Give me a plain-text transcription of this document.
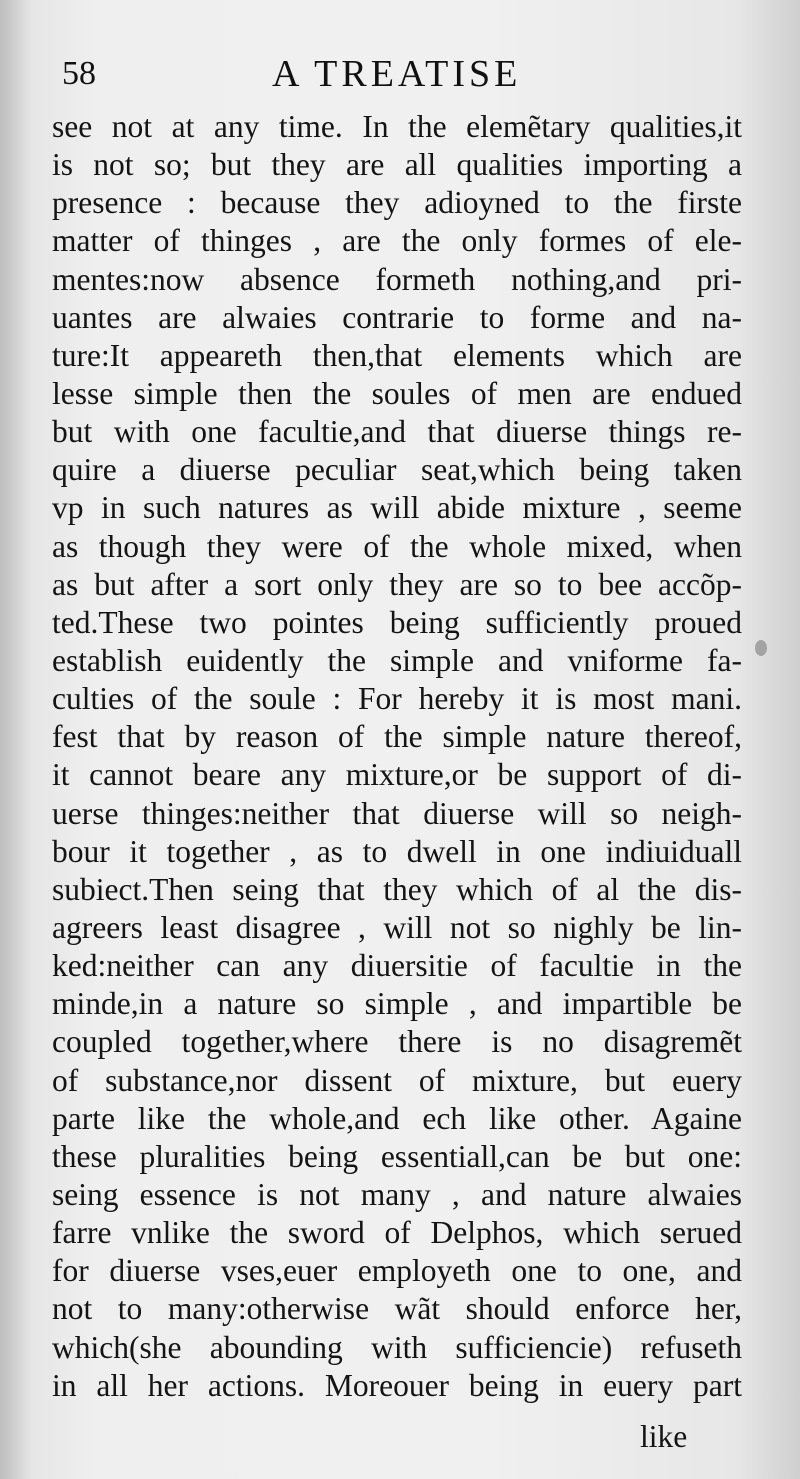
58	A TREATISE
see not at any time. In the elemẽtary qualities,it
is not so; but they are all qualities importing a
presence : because they adioyned to the firste
matter of thinges , are the only formes of ele-
mentes:now absence formeth nothing,and pri-
uantes are alwaies contrarie to forme and na-
ture:It appeareth then,that elements which are
lesse simple then the soules of men are endued
but with one facultie,and that diuerse things re-
quire a diuerse peculiar seat,which being taken
vp in such natures as will abide mixture , seeme
as though they were of the whole mixed, when
as but after a sort only they are so to bee accõp-
ted.These two pointes being sufficiently proued
establish euidently the simple and vniforme fa-
culties of the soule : For hereby it is most mani.
fest that by reason of the simple nature thereof,
it cannot beare any mixture,or be support of di-
uerse thinges:neither that diuerse will so neigh-
bour it together , as to dwell in one indiuiduall
subiect.Then seing that they which of al the dis-
agreers least disagree , will not so nighly be lin-
ked:neither can any diuersitie of facultie in the
minde,in a nature so simple , and impartible be
coupled together,where there is no disagremẽt
of substance,nor dissent of mixture, but euery
parte like the whole,and ech like other. Againe
these pluralities being essentiall,can be but one:
seing essence is not many , and nature alwaies
farre vnlike the sword of Delphos, which serued
for diuerse vses,euer employeth one to one, and
not to many:otherwise wãt should enforce her,
which(she abounding with sufficiencie) refuseth
in all her actions. Moreouer being in euery part
like
